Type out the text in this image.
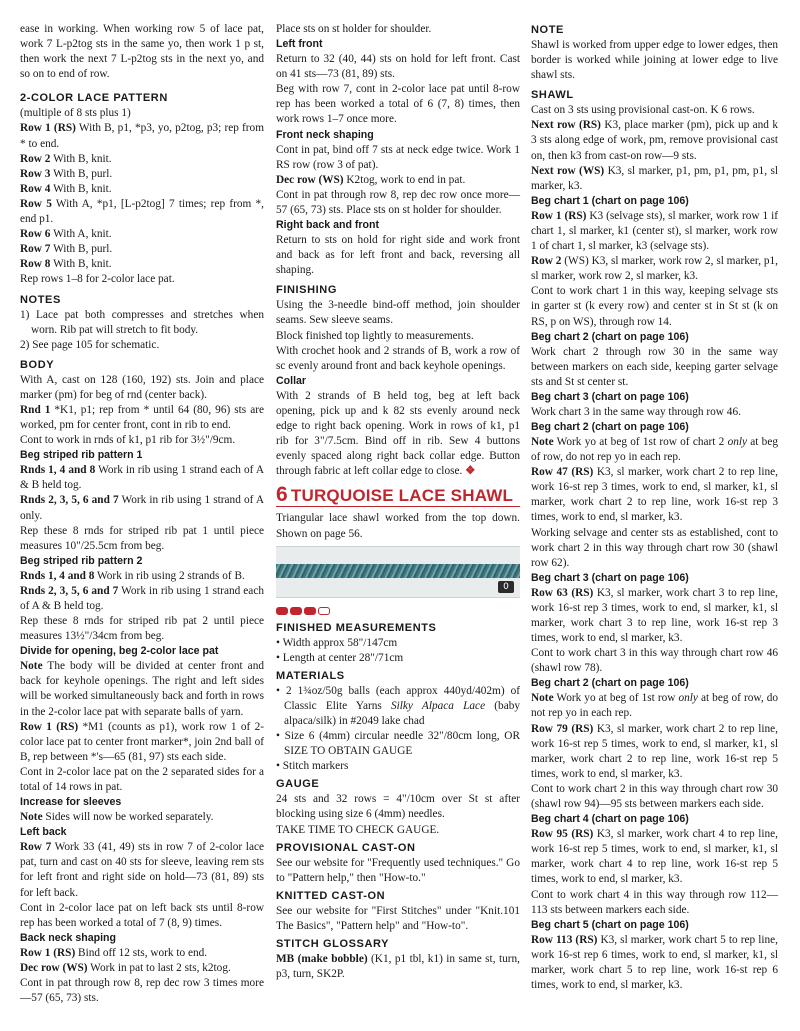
ease in working. When working row 5 of lace pat, work 7 L-p2tog sts in the same yo, then work 1 p st, then work the next 7 L-p2tog sts in the next yo, and so on to end of row.

2-COLOR LACE PATTERN

(multiple of 8 sts plus 1)

Row 1 (RS) With B, p1, *p3, yo, p2tog, p3; rep from * to end.

Row 2 With B, knit.

Row 3 With B, purl.

Row 4 With B, knit.

Row 5 With A, *p1, [L-p2tog] 7 times; rep from *, end p1.

Row 6 With A, knit.

Row 7 With B, purl.

Row 8 With B, knit.

Rep rows 1–8 for 2-color lace pat.

NOTES

1) Lace pat both compresses and stretches when worn. Rib pat will stretch to fit body.

2) See page 105 for schematic.

BODY

With A, cast on 128 (160, 192) sts. Join and place marker (pm) for beg of rnd (center back).

Rnd 1 *K1, p1; rep from * until 64 (80, 96) sts are worked, pm for center front, cont in rib to end.

Cont to work in rnds of k1, p1 rib for 3½"/9cm.

Beg striped rib pattern 1

Rnds 1, 4 and 8 Work in rib using 1 strand each of A & B held tog.

Rnds 2, 3, 5, 6 and 7 Work in rib using 1 strand of A only.

Rep these 8 rnds for striped rib pat 1 until piece measures 10"/25.5cm from beg.

Beg striped rib pattern 2

Rnds 1, 4 and 8 Work in rib using 2 strands of B.

Rnds 2, 3, 5, 6 and 7 Work in rib using 1 strand each of A & B held tog.

Rep these 8 rnds for striped rib pat 2 until piece measures 13½"/34cm from beg.

Divide for opening, beg 2-color lace pat

Note The body will be divided at center front and back for keyhole openings. The right and left sides will be worked simultaneously back and forth in rows in the 2-color lace pat with separate balls of yarn.

Row 1 (RS) *M1 (counts as p1), work row 1 of 2-color lace pat to center front marker*, join 2nd ball of B, rep between *'s—65 (81, 97) sts each side.

Cont in 2-color lace pat on the 2 separated sides for a total of 14 rows in pat.

Increase for sleeves

Note Sides will now be worked separately.

Left back

Row 7 Work 33 (41, 49) sts in row 7 of 2-color lace pat, turn and cast on 40 sts for sleeve, leaving rem sts for left front and right side on hold—73 (81, 89) sts for left back.

Cont in 2-color lace pat on left back sts until 8-row rep has been worked a total of 7 (8, 9) times.

Back neck shaping

Row 1 (RS) Bind off 12 sts, work to end.

Dec row (WS) Work in pat to last 2 sts, k2tog.

Cont in pat through row 8, rep dec row 3 times more—57 (65, 73) sts.

Place sts on st holder for shoulder.

Left front

Return to 32 (40, 44) sts on hold for left front. Cast on 41 sts—73 (81, 89) sts.

Beg with row 7, cont in 2-color lace pat until 8-row rep has been worked a total of 6 (7, 8) times, then work rows 1–7 once more.

Front neck shaping

Cont in pat, bind off 7 sts at neck edge twice. Work 1 RS row (row 3 of pat).

Dec row (WS) K2tog, work to end in pat.

Cont in pat through row 8, rep dec row once more—57 (65, 73) sts. Place sts on st holder for shoulder.

Right back and front

Return to sts on hold for right side and work front and back as for left front and back, reversing all shaping.

FINISHING

Using the 3-needle bind-off method, join shoulder seams. Sew sleeve seams.

Block finished top lightly to measurements.

With crochet hook and 2 strands of B, work a row of sc evenly around front and back keyhole openings.

Collar

With 2 strands of B held tog, beg at left back opening, pick up and k 82 sts evenly around neck edge to right back opening. Work in rows of k1, p1 rib for 3"/7.5cm. Bind off in rib. Sew 4 buttons evenly spaced along right back collar edge. Button through fabric at left collar edge to close. ❖

6 TURQUOISE LACE SHAWL

Triangular lace shawl worked from the top down. Shown on page 56.

0
FINISHED MEASUREMENTS

• Width approx 58"/147cm

• Length at center 28"/71cm

MATERIALS

• 2 1¾oz/50g balls (each approx 440yd/402m) of Classic Elite Yarns Silky Alpaca Lace (baby alpaca/silk) in #2049 lake chad

• Size 6 (4mm) circular needle 32"/80cm long, OR SIZE TO OBTAIN GAUGE

• Stitch markers

GAUGE

24 sts and 32 rows = 4"/10cm over St st after blocking using size 6 (4mm) needles.

TAKE TIME TO CHECK GAUGE.

PROVISIONAL CAST-ON

See our website for "Frequently used techniques." Go to "Pattern help," then "How-to."

KNITTED CAST-ON

See our website for "First Stitches" under "Knit.101 The Basics", "Pattern help" and "How-to".

STITCH GLOSSARY

MB (make bobble) (K1, p1 tbl, k1) in same st, turn, p3, turn, SK2P.

NOTE

Shawl is worked from upper edge to lower edges, then border is worked while joining at lower edge to live shawl sts.

SHAWL

Cast on 3 sts using provisional cast-on. K 6 rows.

Next row (RS) K3, place marker (pm), pick up and k 3 sts along edge of work, pm, remove provisional cast on, then k3 from cast-on row—9 sts.

Next row (WS) K3, sl marker, p1, pm, p1, pm, p1, sl marker, k3.

Beg chart 1 (chart on page 106)

Row 1 (RS) K3 (selvage sts), sl marker, work row 1 if chart 1, sl marker, k1 (center st), sl marker, work row 1 of chart 1, sl marker, k3 (selvage sts).

Row 2 (WS) K3, sl marker, work row 2, sl marker, p1, sl marker, work row 2, sl marker, k3.

Cont to work chart 1 in this way, keeping selvage sts in garter st (k every row) and center st in St st (k on RS, p on WS), through row 14.

Beg chart 2 (chart on page 106)

Work chart 2 through row 30 in the same way between markers on each side, keeping garter selvage sts and St st center st.

Beg chart 3 (chart on page 106)

Work chart 3 in the same way through row 46.

Beg chart 2 (chart on page 106)

Note Work yo at beg of 1st row of chart 2 only at beg of row, do not rep yo in each rep.

Row 47 (RS) K3, sl marker, work chart 2 to rep line, work 16-st rep 3 times, work to end, sl marker, k1, sl marker, work chart 2 to rep line, work 16-st rep 3 times, work to end, sl marker, k3.

Working selvage and center sts as established, cont to work chart 2 in this way through chart row 30 (shawl row 62).

Beg chart 3 (chart on page 106)

Row 63 (RS) K3, sl marker, work chart 3 to rep line, work 16-st rep 3 times, work to end, sl marker, k1, sl marker, work chart 3 to rep line, work 16-st rep 3 times, work to end, sl marker, k3.

Cont to work chart 3 in this way through chart row 46 (shawl row 78).

Beg chart 2 (chart on page 106)

Note Work yo at beg of 1st row only at beg of row, do not rep yo in each rep.

Row 79 (RS) K3, sl marker, work chart 2 to rep line, work 16-st rep 5 times, work to end, sl marker, k1, sl marker, work chart 2 to rep line, work 16-st rep 5 times, work to end, sl marker, k3.

Cont to work chart 2 in this way through chart row 30 (shawl row 94)—95 sts between markers each side.

Beg chart 4 (chart on page 106)

Row 95 (RS) K3, sl marker, work chart 4 to rep line, work 16-st rep 5 times, work to end, sl marker, k1, sl marker, work chart 4 to rep line, work 16-st rep 5 times, work to end, sl marker, k3.

Cont to work chart 4 in this way through row 112—113 sts between markers each side.

Beg chart 5 (chart on page 106)

Row 113 (RS) K3, sl marker, work chart 5 to rep line, work 16-st rep 6 times, work to end, sl marker, k1, sl marker, work chart 5 to rep line, work 16-st rep 6 times, work to end, sl marker, k3.
